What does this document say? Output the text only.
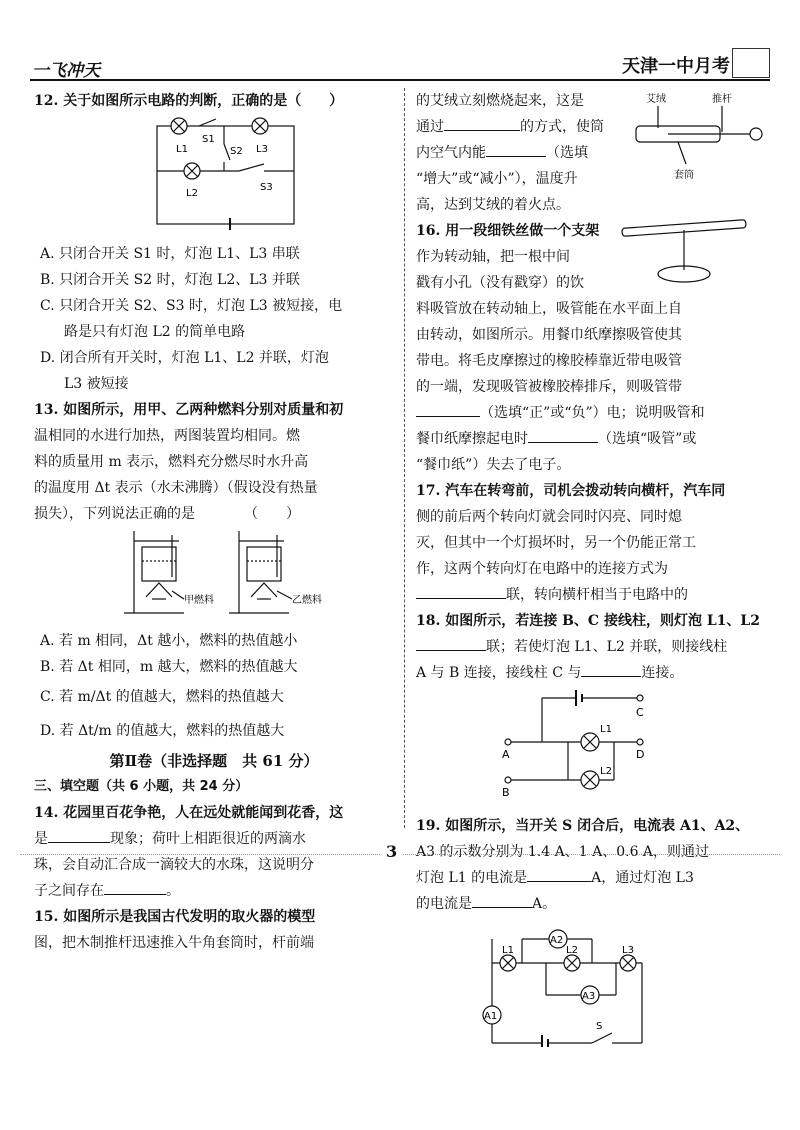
一飞冲天	天津一中月考

12. 关于如图所示电路的判断，正确的是（　　）

L1
S1
S2 L3
L2
S3

A. 只闭合开关 S1 时，灯泡 L1、L3 串联

B. 只闭合开关 S2 时，灯泡 L2、L3 并联

C. 只闭合开关 S2、S3 时，灯泡 L3 被短接，电

路是只有灯泡 L2 的简单电路

D. 闭合所有开关时，灯泡 L1、L2 并联，灯泡

L3 被短接

13. 如图所示，用甲、乙两种燃料分别对质量和初

温相同的水进行加热，两图装置均相同。燃

料的质量用 m 表示，燃料充分燃尽时水升高

的温度用 Δt 表示（水未沸腾）（假设没有热量

损失），下列说法正确的是　　　　（　　）

甲燃料	乙燃料

A. 若 m 相同，Δt 越小，燃料的热值越小

B. 若 Δt 相同，m 越大，燃料的热值越大

C. 若 m/Δt 的值越大，燃料的热值越大

D. 若 Δt/m 的值越大，燃料的热值越大

第Ⅱ卷（非选择题　共 61 分）

三、填空题（共 6 小题，共 24 分）

14. 花园里百花争艳，人在远处就能闻到花香，这

是	现象；荷叶上相距很近的两滴水

珠，会自动汇合成一滴较大的水珠，这说明分

子之间存在	。

15. 如图所示是我国古代发明的取火器的模型

图，把木制推杆迅速推入牛角套筒时，杆前端

的艾绒立刻燃烧起来，这是

通过	的方式，使筒

内空气内能	（选填

“增大”或“减小”），温度升

高，达到艾绒的着火点。

艾绒	推杆
套筒

16. 用一段细铁丝做一个支架

作为转动轴，把一根中间

戳有小孔（没有戳穿）的饮

料吸管放在转动轴上，吸管能在水平面上自

由转动，如图所示。用餐巾纸摩擦吸管使其

带电。将毛皮摩擦过的橡胶棒靠近带电吸管

的一端，发现吸管被橡胶棒排斥，则吸管带

（选填“正”或“负”）电；说明吸管和

餐巾纸摩擦起电时	（选填“吸管”或

“餐巾纸”）失去了电子。

17. 汽车在转弯前，司机会拨动转向横杆，汽车同

侧的前后两个转向灯就会同时闪亮、同时熄

灭，但其中一个灯损坏时，另一个仍能正常工

作，这两个转向灯在电路中的连接方式为

联，转向横杆相当于电路中的

18. 如图所示，若连接 B、C 接线柱，则灯泡 L1、L2

联；若使灯泡 L1、L2 并联，则接线柱

A 与 B 连接，接线柱 C 与	连接。

A
B
C
D
L1
L2

19. 如图所示，当开关 S 闭合后，电流表 A1、A2、

A3 的示数分别为 1.4 A、1 A、0.6 A，则通过

灯泡 L1 的电流是	A，通过灯泡 L3

的电流是	A。

A2
A3
A1
L1	L2	L3
S
3
